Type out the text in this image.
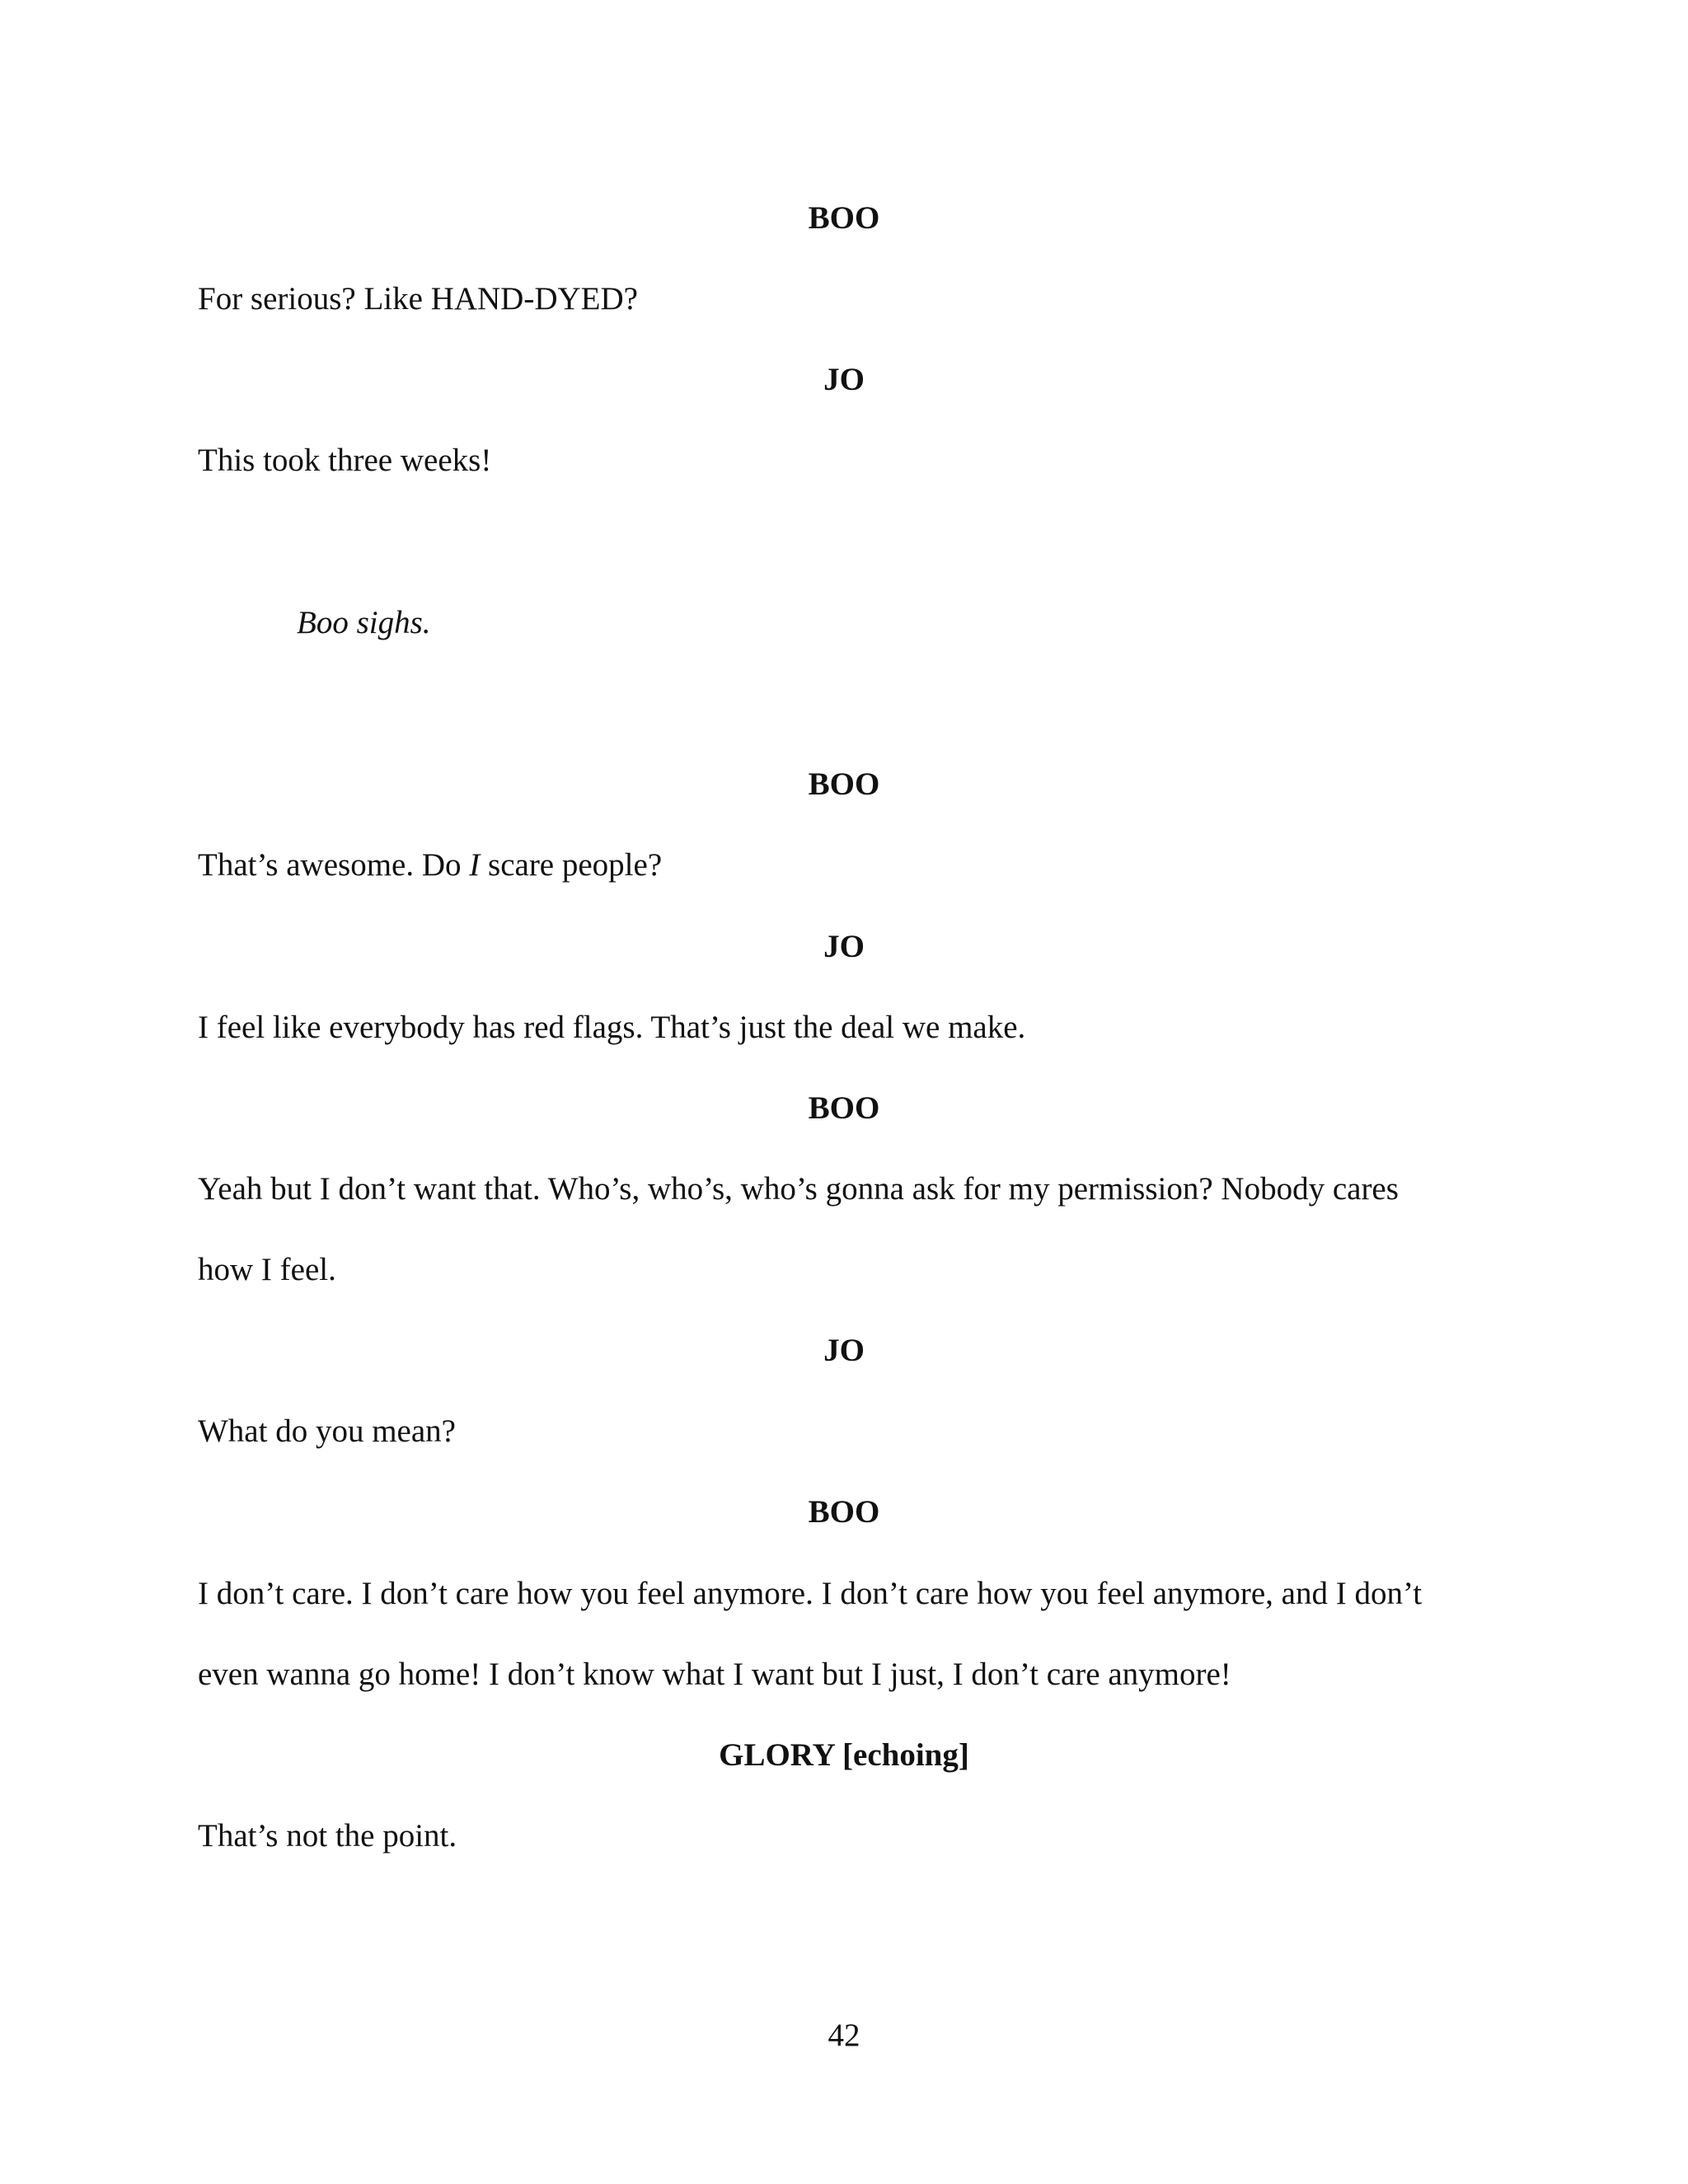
BOO
For serious? Like HAND-DYED?
JO
This took three weeks!
Boo sighs.
BOO
That’s awesome. Do I scare people?
JO
I feel like everybody has red flags. That’s just the deal we make.
BOO
Yeah but I don’t want that. Who’s, who’s, who’s gonna ask for my permission? Nobody cares
how I feel.
JO
What do you mean?
BOO
I don’t care. I don’t care how you feel anymore. I don’t care how you feel anymore, and I don’t
even wanna go home! I don’t know what I want but I just, I don’t care anymore!
GLORY [echoing]
That’s not the point.
42
